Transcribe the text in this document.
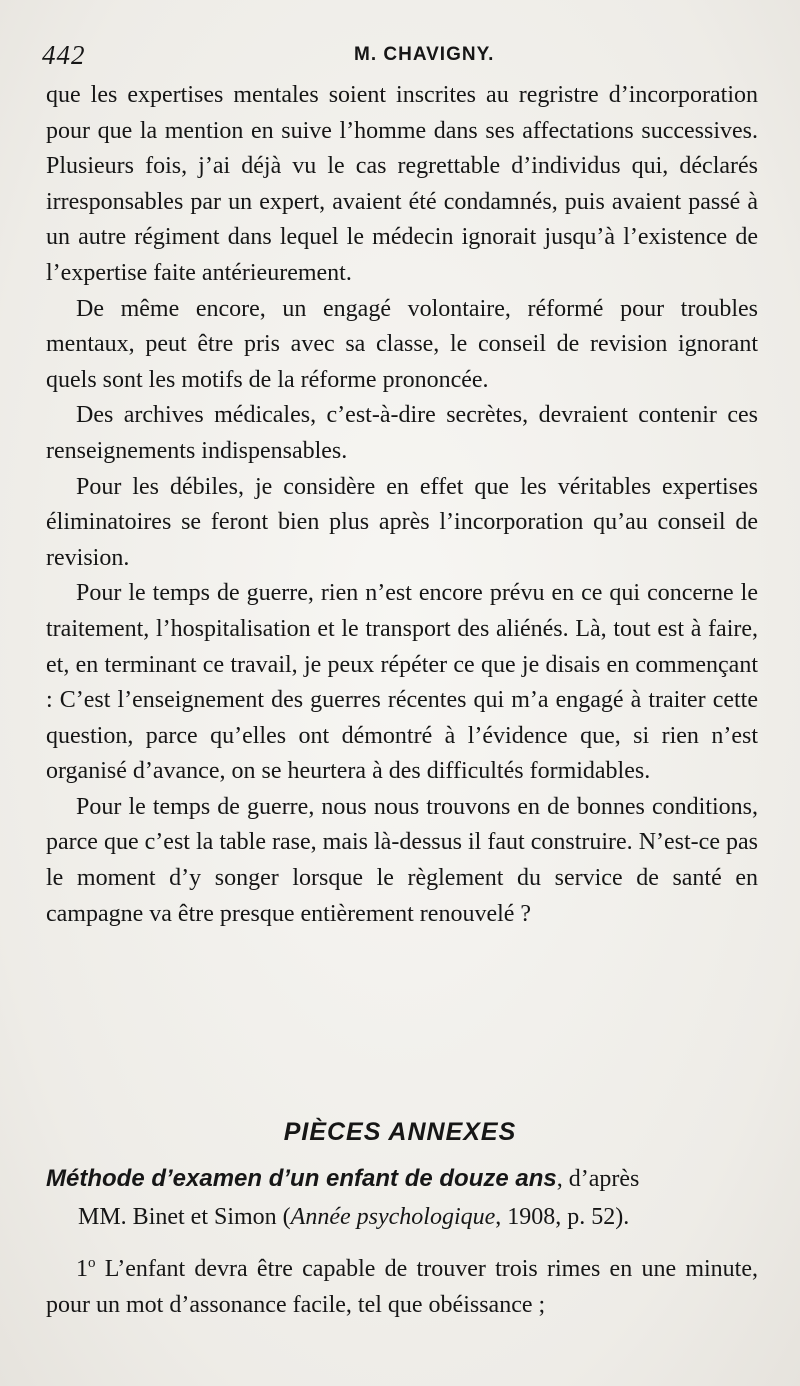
442	M. CHAVIGNY.

que les expertises mentales soient inscrites au regristre d’incorporation pour que la mention en suive l’homme dans ses affectations successives. Plusieurs fois, j’ai déjà vu le cas regrettable d’individus qui, déclarés irresponsables par un expert, avaient été condamnés, puis avaient passé à un autre régiment dans lequel le médecin ignorait jusqu’à l’existence de l’expertise faite antérieurement.

De même encore, un engagé volontaire, réformé pour troubles mentaux, peut être pris avec sa classe, le conseil de revision ignorant quels sont les motifs de la réforme prononcée.

Des archives médicales, c’est-à-dire secrètes, devraient contenir ces renseignements indispensables.

Pour les débiles, je considère en effet que les véritables expertises éliminatoires se feront bien plus après l’incorporation qu’au conseil de revision.

Pour le temps de guerre, rien n’est encore prévu en ce qui concerne le traitement, l’hospitalisation et le transport des aliénés. Là, tout est à faire, et, en terminant ce travail, je peux répéter ce que je disais en commençant : C’est l’enseignement des guerres récentes qui m’a engagé à traiter cette question, parce qu’elles ont démontré à l’évidence que, si rien n’est organisé d’avance, on se heurtera à des difficultés formidables.

Pour le temps de guerre, nous nous trouvons en de bonnes conditions, parce que c’est la table rase, mais là-dessus il faut construire. N’est-ce pas le moment d’y songer lorsque le règlement du service de santé en campagne va être presque entièrement renouvelé ?

PIÈCES ANNEXES

Méthode d’examen d’un enfant de douze ans, d’après

MM. Binet et Simon (Année psychologique, 1908, p. 52).

1$^o$ L’enfant devra être capable de trouver trois rimes en une minute, pour un mot d’assonance facile, tel que obéissance ;
